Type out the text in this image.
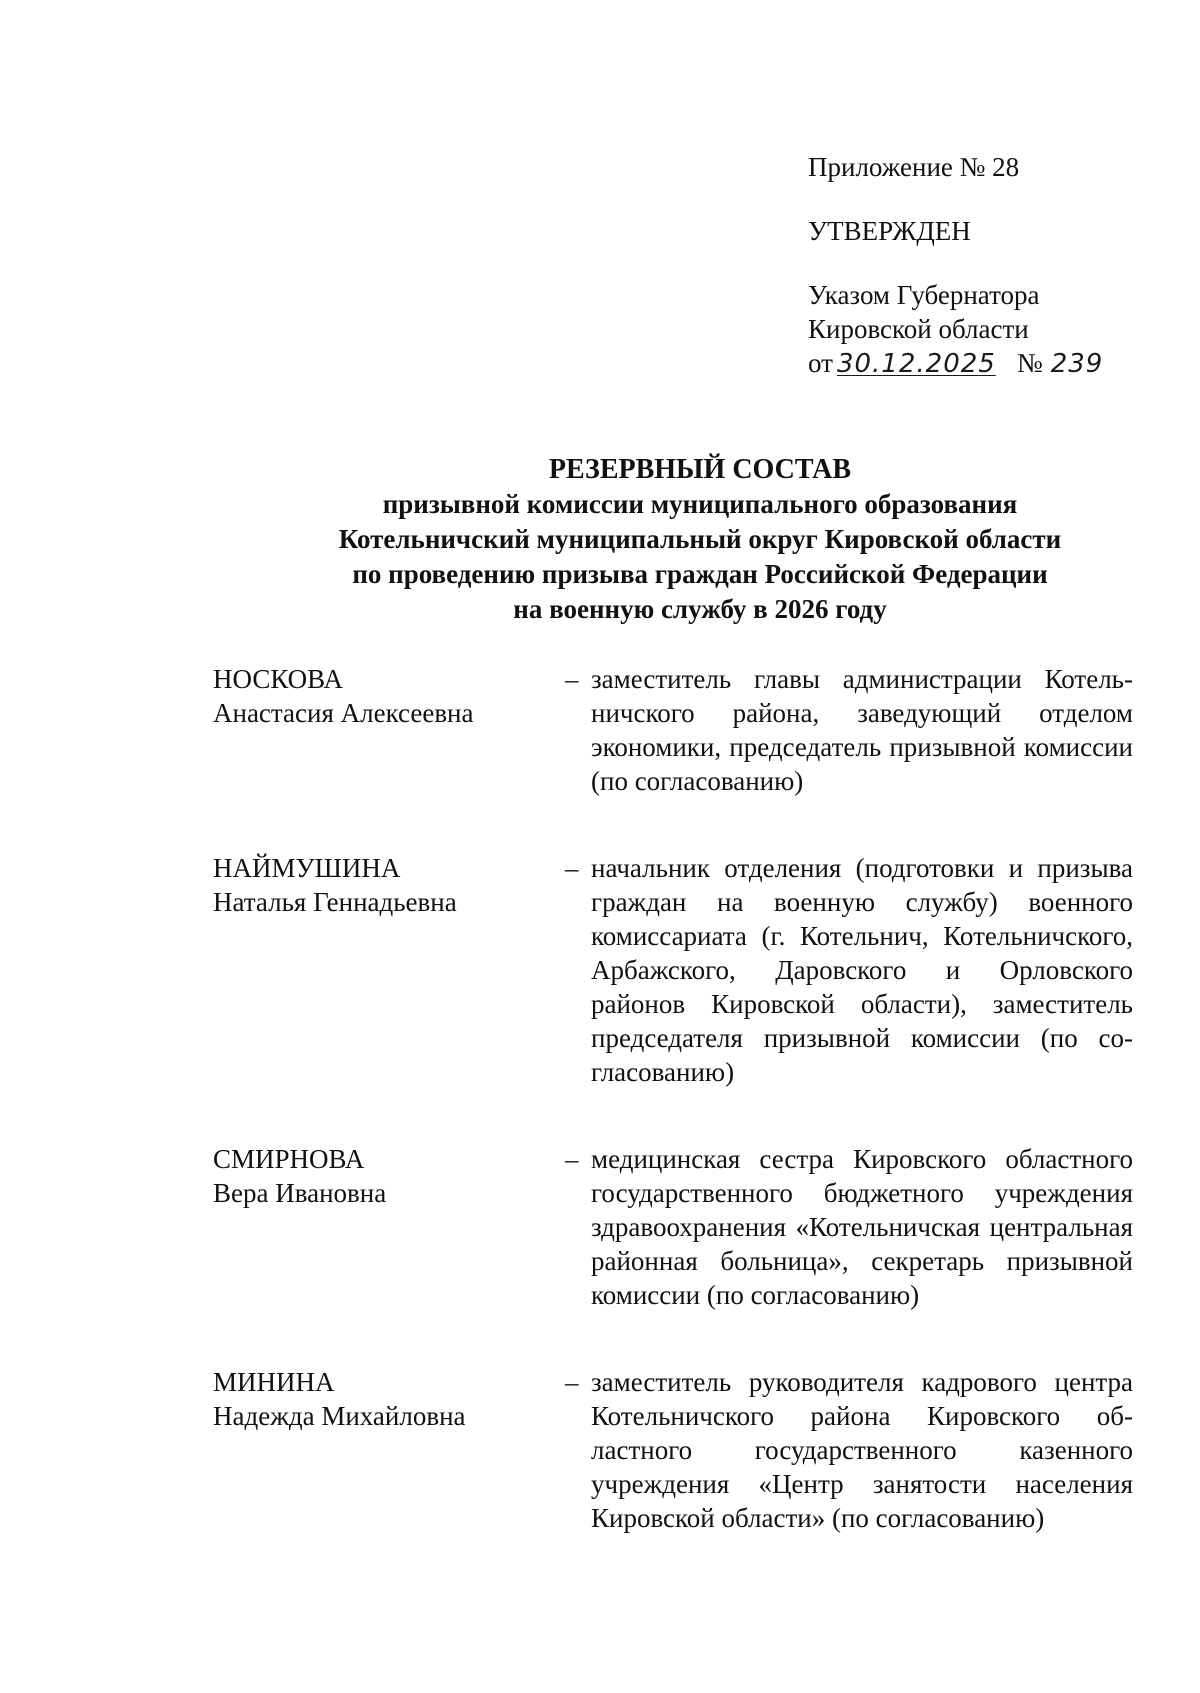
Приложение № 28
УТВЕРЖДЕН
Указом Губернатора
Кировской области
от 30.12.2025 № 239
РЕЗЕРВНЫЙ СОСТАВ
призывной комиссии муниципального образования
Котельничский муниципальный округ Кировской области
по проведению призыва граждан Российской Федерации
на военную службу в 2026 году
НОСКОВА
Анастасия Алексеевна
– заместитель главы администрации Котельничского района, заведующий отделом экономики, председатель призывной комиссии (по согласованию)
НАЙМУШИНА
Наталья Геннадьевна
– начальник отделения (подготовки и призыва граждан на военную службу) военного комиссариата (г. Котельнич, Котельничского, Арбажского, Даровского и Орловского районов Кировской области), заместитель председателя призывной комиссии (по согласованию)
СМИРНОВА
Вера Ивановна
– медицинская сестра Кировского областного государственного бюджетного учреждения здравоохранения «Котельничская центральная районная больница», секретарь призывной комиссии (по согласованию)
МИНИНА
Надежда Михайловна
– заместитель руководителя кадрового центра Котельничского района Кировского областного государственного казенного учреждения «Центр занятости населения Кировской области» (по согласованию)
